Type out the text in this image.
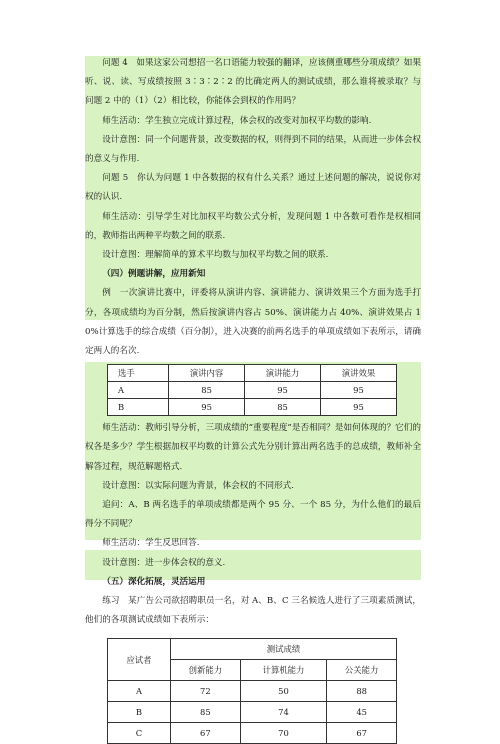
问题 4　如果这家公司想招一名口语能力较强的翻译，应该侧重哪些分项成绩？如果听、说、读、写成绩按照 3∶3∶2∶2 的比确定两人的测试成绩，那么谁将被录取？与问题 2 中的（1）（2）相比较，你能体会到权的作用吗？

师生活动：学生独立完成计算过程，体会权的改变对加权平均数的影响.

设计意图：同一个问题背景，改变数据的权，则得到不同的结果，从而进一步体会权的意义与作用.

问题 5　你认为问题 1 中各数据的权有什么关系？通过上述问题的解决，说说你对权的认识.

师生活动：引导学生对比加权平均数公式分析，发现问题 1 中各数可看作是权相同的，教师指出两种平均数之间的联系.

设计意图：理解简单的算术平均数与加权平均数之间的联系.

（四）例题讲解，应用新知

例　一次演讲比赛中，评委将从演讲内容、演讲能力、演讲效果三个方面为选手打分，各项成绩均为百分制，然后按演讲内容占 50%、演讲能力占 40%、演讲效果占 10%计算选手的综合成绩（百分制），进入决赛的前两名选手的单项成绩如下表所示，请确定两人的名次.

选手	演讲内容	演讲能力	演讲效果
A	85	95	95
B	95	85	95

师生活动：教师引导分析，三项成绩的“重要程度”是否相同？是如何体现的？它们的权各是多少？学生根据加权平均数的计算公式先分别计算出两名选手的总成绩，教师补全解答过程，规范解题格式.

设计意图：以实际问题为背景，体会权的不同形式.

追问：A、B 两名选手的单项成绩都是两个 95 分、一个 85 分，为什么他们的最后得分不同呢？

师生活动：学生反思回答.

设计意图：进一步体会权的意义.

（五）深化拓展，灵活运用

练习　某广告公司欲招聘职员一名，对 A、B、C 三名候选人进行了三项素质测试，他们的各项测试成绩如下表所示：

应试者	测试成绩		
	创新能力	计算机能力	公关能力
A	72	50	88
B	85	74	45
C	67	70	67
